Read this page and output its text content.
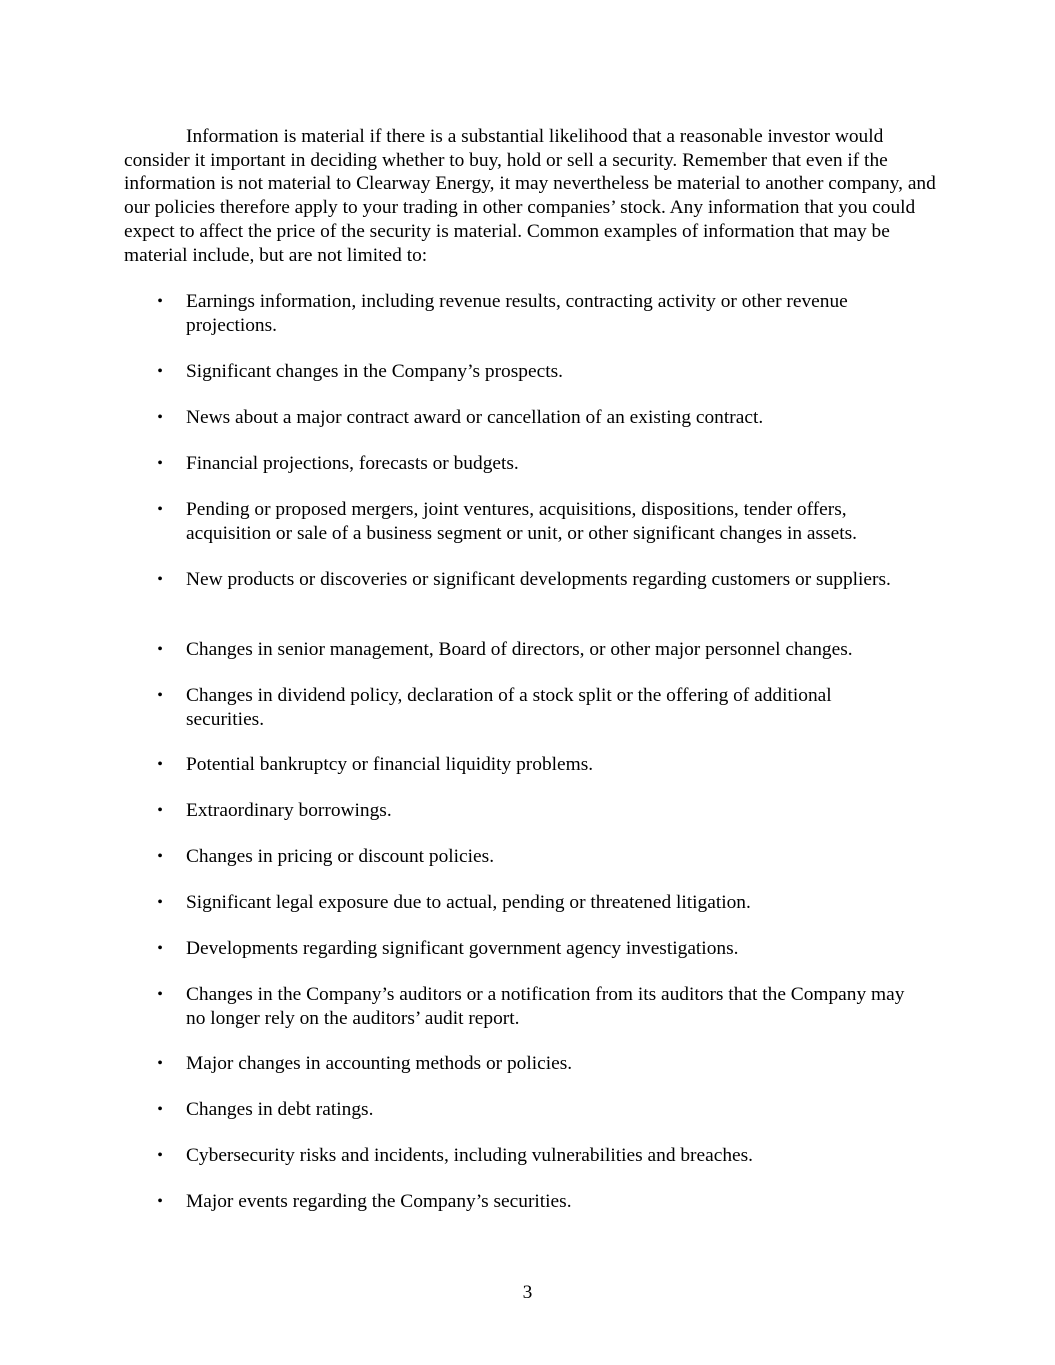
Information is material if there is a substantial likelihood that a reasonable investor would consider it important in deciding whether to buy, hold or sell a security. Remember that even if the information is not material to Clearway Energy, it may nevertheless be material to another company, and our policies therefore apply to your trading in other companies’ stock. Any information that you could expect to affect the price of the security is material. Common examples of information that may be material include, but are not limited to:

•	Earnings information, including revenue results, contracting activity or other revenue projections.
•	Significant changes in the Company’s prospects.
•	News about a major contract award or cancellation of an existing contract.
•	Financial projections, forecasts or budgets.
•	Pending or proposed mergers, joint ventures, acquisitions, dispositions, tender offers, acquisition or sale of a business segment or unit, or other significant changes in assets.
•	New products or discoveries or significant developments regarding customers or suppliers.
•	Changes in senior management, Board of directors, or other major personnel changes.
•	Changes in dividend policy, declaration of a stock split or the offering of additional securities.
•	Potential bankruptcy or financial liquidity problems.
•	Extraordinary borrowings.
•	Changes in pricing or discount policies.
•	Significant legal exposure due to actual, pending or threatened litigation.
•	Developments regarding significant government agency investigations.
•	Changes in the Company’s auditors or a notification from its auditors that the Company may no longer rely on the auditors’ audit report.
•	Major changes in accounting methods or policies.
•	Changes in debt ratings.
•	Cybersecurity risks and incidents, including vulnerabilities and breaches.
•	Major events regarding the Company’s securities.
3
